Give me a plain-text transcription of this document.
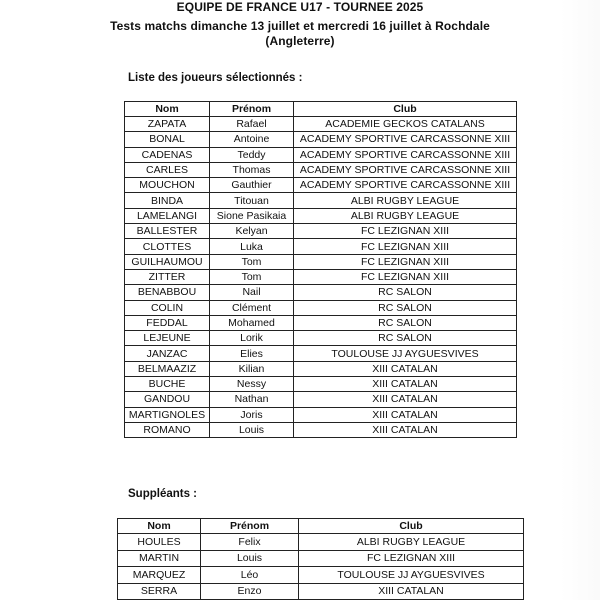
EQUIPE DE FRANCE U17 - TOURNEE 2025
Tests matchs dimanche 13 juillet et mercredi 16 juillet à Rochdale
(Angleterre)
Liste des joueurs sélectionnés :
Nom	Prénom	Club
ZAPATA	Rafael	ACADEMIE GECKOS CATALANS
BONAL	Antoine	ACADEMY SPORTIVE CARCASSONNE XIII
CADENAS	Teddy	ACADEMY SPORTIVE CARCASSONNE XIII
CARLES	Thomas	ACADEMY SPORTIVE CARCASSONNE XIII
MOUCHON	Gauthier	ACADEMY SPORTIVE CARCASSONNE XIII
BINDA	Titouan	ALBI RUGBY LEAGUE
LAMELANGI	Sione Pasikaia	ALBI RUGBY LEAGUE
BALLESTER	Kelyan	FC LEZIGNAN XIII
CLOTTES	Luka	FC LEZIGNAN XIII
GUILHAUMOU	Tom	FC LEZIGNAN XIII
ZITTER	Tom	FC LEZIGNAN XIII
BENABBOU	Nail	RC SALON
COLIN	Clément	RC SALON
FEDDAL	Mohamed	RC SALON
LEJEUNE	Lorik	RC SALON
JANZAC	Elies	TOULOUSE JJ AYGUESVIVES
BELMAAZIZ	Kilian	XIII CATALAN
BUCHE	Nessy	XIII CATALAN
GANDOU	Nathan	XIII CATALAN
MARTIGNOLES	Joris	XIII CATALAN
ROMANO	Louis	XIII CATALAN
Suppléants :
Nom	Prénom	Club
HOULES	Felix	ALBI RUGBY LEAGUE
MARTIN	Louis	FC LEZIGNAN XIII
MARQUEZ	Léo	TOULOUSE JJ AYGUESVIVES
SERRA	Enzo	XIII CATALAN
